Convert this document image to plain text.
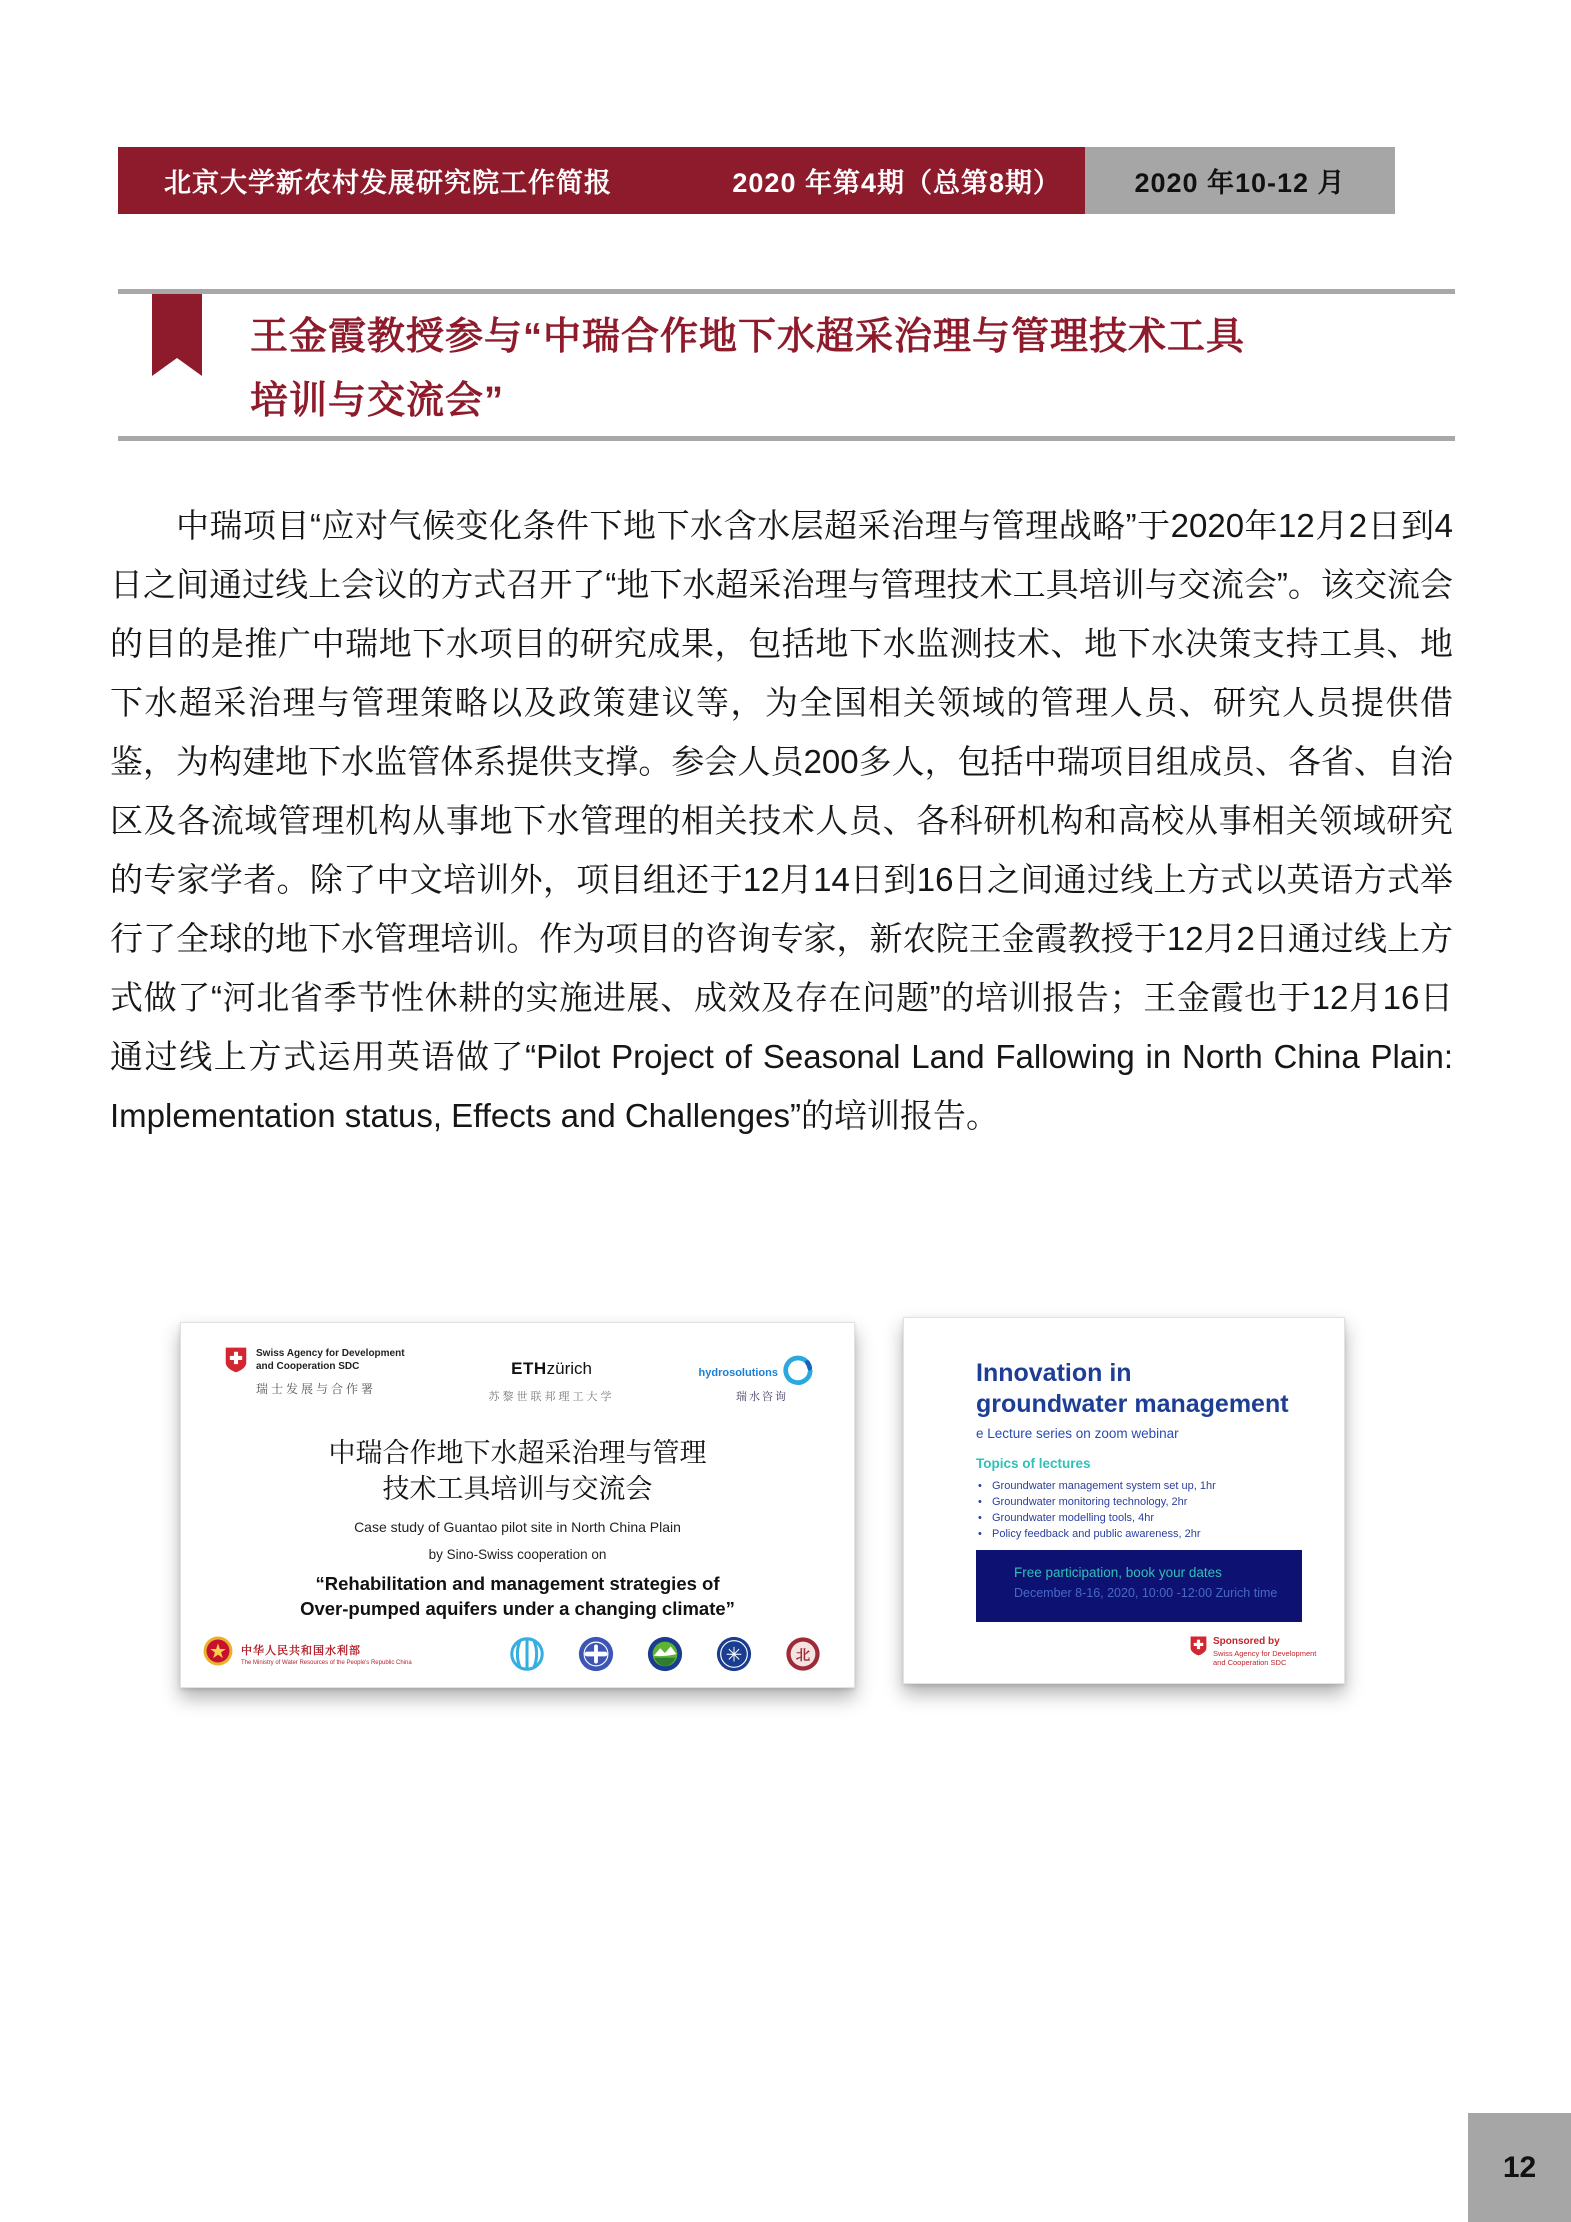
北京大学新农村发展研究院工作简报	2020 年第4期（总第8期）	2020 年10-12 月
王金霞教授参与“中瑞合作地下水超采治理与管理技术工具
培训与交流会”

中瑞项目“应对气候变化条件下地下水含水层超采治理与管理战略”于2020年12月2日到4日之间通过线上会议的方式召开了“地下水超采治理与管理技术工具培训与交流会”。该交流会的目的是推广中瑞地下水项目的研究成果，包括地下水监测技术、地下水决策支持工具、地下水超采治理与管理策略以及政策建议等，为全国相关领域的管理人员、研究人员提供借鉴，为构建地下水监管体系提供支撑。参会人员200多人，包括中瑞项目组成员、各省、自治区及各流域管理机构从事地下水管理的相关技术人员、各科研机构和高校从事相关领域研究的专家学者。除了中文培训外，项目组还于12月14日到16日之间通过线上方式以英语方式举行了全球的地下水管理培训。作为项目的咨询专家，新农院王金霞教授于12月2日通过线上方式做了“河北省季节性休耕的实施进展、成效及存在问题”的培训报告；王金霞也于12月16日通过线上方式运用英语做了“Pilot Project of Seasonal Land Fallowing in North China Plain: Implementation status, Effects and Challenges”的培训报告。

Swiss Agency for Development
and Cooperation SDC
瑞士发展与合作署
ETHzürich
苏黎世联邦理工大学
hydrosolutions
瑞水咨询
中瑞合作地下水超采治理与管理
技术工具培训与交流会
Case study of Guantao pilot site in North China Plain
by Sino-Swiss cooperation on
“Rehabilitation and management strategies of
Over-pumped aquifers under a changing climate”
中华人民共和国水利部
The Ministry of Water Resources of the People's Republic China	✳	北
Innovation in
groundwater management
e Lecture series on zoom webinar
Topics of lectures
• Groundwater management system set up, 1hr
• Groundwater monitoring technology, 2hr
• Groundwater modelling tools, 4hr
• Policy feedback and public awareness, 2hr
Free participation, book your dates
December 8-16, 2020, 10:00 -12:00 Zurich time
Sponsored by
Swiss Agency for Development and Cooperation SDC
12
